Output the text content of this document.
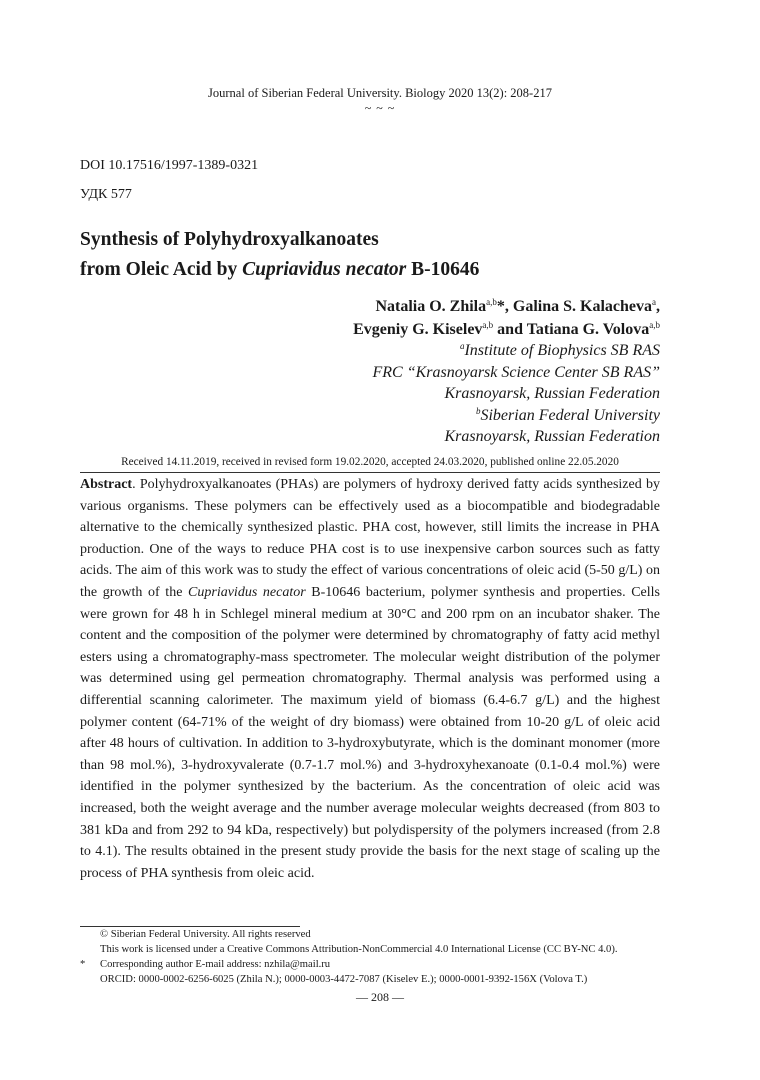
Journal of Siberian Federal University. Biology 2020 13(2): 208-217
~ ~ ~
DOI 10.17516/1997-1389-0321
УДК 577
Synthesis of Polyhydroxyalkanoates
from Oleic Acid by Cupriavidus necator B-10646
Natalia O. Zhila$^{a,b}$*, Galina S. Kalacheva$^a$,
Evgeniy G. Kiselev$^{a,b}$ and Tatiana G. Volova$^{a,b}$
$^a$Institute of Biophysics SB RAS
FRC “Krasnoyarsk Science Center SB RAS”
Krasnoyarsk, Russian Federation
$^b$Siberian Federal University
Krasnoyarsk, Russian Federation
Received 14.11.2019, received in revised form 19.02.2020, accepted 24.03.2020, published online 22.05.2020

Abstract. Polyhydroxyalkanoates (PHAs) are polymers of hydroxy derived fatty acids synthesized by various organisms. These polymers can be effectively used as a biocompatible and biodegradable alternative to the chemically synthesized plastic. PHA cost, however, still limits the increase in PHA production. One of the ways to reduce PHA cost is to use inexpensive carbon sources such as fatty acids. The aim of this work was to study the effect of various concentrations of oleic acid (5-50 g/L) on the growth of the Cupriavidus necator B-10646 bacterium, polymer synthesis and properties. Cells were grown for 48 h in Schlegel mineral medium at 30°C and 200 rpm on an incubator shaker. The content and the composition of the polymer were determined by chromatography of fatty acid methyl esters using a chromatography-mass spectrometer. The molecular weight distribution of the polymer was determined using gel permeation chromatography. Thermal analysis was performed using a differential scanning calorimeter. The maximum yield of biomass (6.4-6.7 g/L) and the highest polymer content (64-71% of the weight of dry biomass) were obtained from 10-20 g/L of oleic acid after 48 hours of cultivation. In addition to 3-hydroxybutyrate, which is the dominant monomer (more than 98 mol.%), 3-hydroxyvalerate (0.7-1.7 mol.%) and 3-hydroxyhexanoate (0.1-0.4 mol.%) were identified in the polymer synthesized by the bacterium. As the concentration of oleic acid was increased, both the weight average and the number average molecular weights decreased (from 803 to 381 kDa and from 292 to 94 kDa, respectively) but polydispersity of the polymers increased (from 2.8 to 4.1). The results obtained in the present study provide the basis for the next stage of scaling up the process of PHA synthesis from oleic acid.

© Siberian Federal University. All rights reserved
This work is licensed under a Creative Commons Attribution-NonCommercial 4.0 International License (CC BY-NC 4.0).
* Corresponding author E-mail address: nzhila@mail.ru
ORCID: 0000-0002-6256-6025 (Zhila N.); 0000-0003-4472-7087 (Kiselev E.); 0000-0001-9392-156X (Volova T.)
— 208 —
